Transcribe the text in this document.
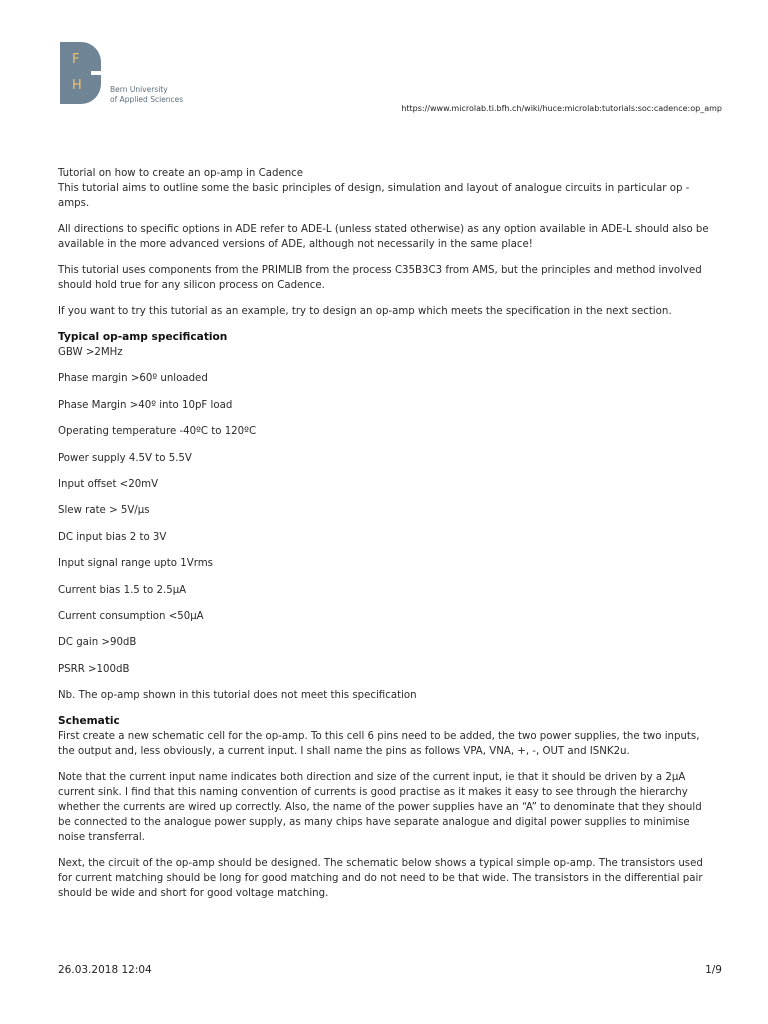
F
H	Bern University
of Applied Sciences
https://www.microlab.ti.bfh.ch/wiki/huce:microlab:tutorials:soc:cadence:op_amp

Tutorial on how to create an op-amp in Cadence

This tutorial aims to outline some the basic principles of design, simulation and layout of analogue circuits in particular op - amps.

All directions to specific options in ADE refer to ADE-L (unless stated otherwise) as any option available in ADE-L should also be available in the more advanced versions of ADE, although not necessarily in the same place!

This tutorial uses components from the PRIMLIB from the process C35B3C3 from AMS, but the principles and method involved should hold true for any silicon process on Cadence.

If you want to try this tutorial as an example, try to design an op-amp which meets the specification in the next section.

Typical op-amp specification
GBW >2MHz
Phase margin >60º unloaded
Phase Margin >40º into 10pF load
Operating temperature -40ºC to 120ºC
Power supply 4.5V to 5.5V
Input offset <20mV
Slew rate > 5V/µs
DC input bias 2 to 3V
Input signal range upto 1Vrms
Current bias 1.5 to 2.5µA
Current consumption <50µA
DC gain >90dB
PSRR >100dB

Nb. The op-amp shown in this tutorial does not meet this specification

Schematic

First create a new schematic cell for the op-amp. To this cell 6 pins need to be added, the two power supplies, the two inputs, the output and, less obviously, a current input. I shall name the pins as follows VPA, VNA, +, -, OUT and ISNK2u.

Note that the current input name indicates both direction and size of the current input, ie that it should be driven by a 2µA current sink. I find that this naming convention of currents is good practise as it makes it easy to see through the hierarchy whether the currents are wired up correctly. Also, the name of the power supplies have an “A” to denominate that they should be connected to the analogue power supply, as many chips have separate analogue and digital power supplies to minimise noise transferral.

Next, the circuit of the op-amp should be designed. The schematic below shows a typical simple op-amp. The transistors used for current matching should be long for good matching and do not need to be that wide. The transistors in the differential pair should be wide and short for good voltage matching.

26.03.2018 12:04	1/9
